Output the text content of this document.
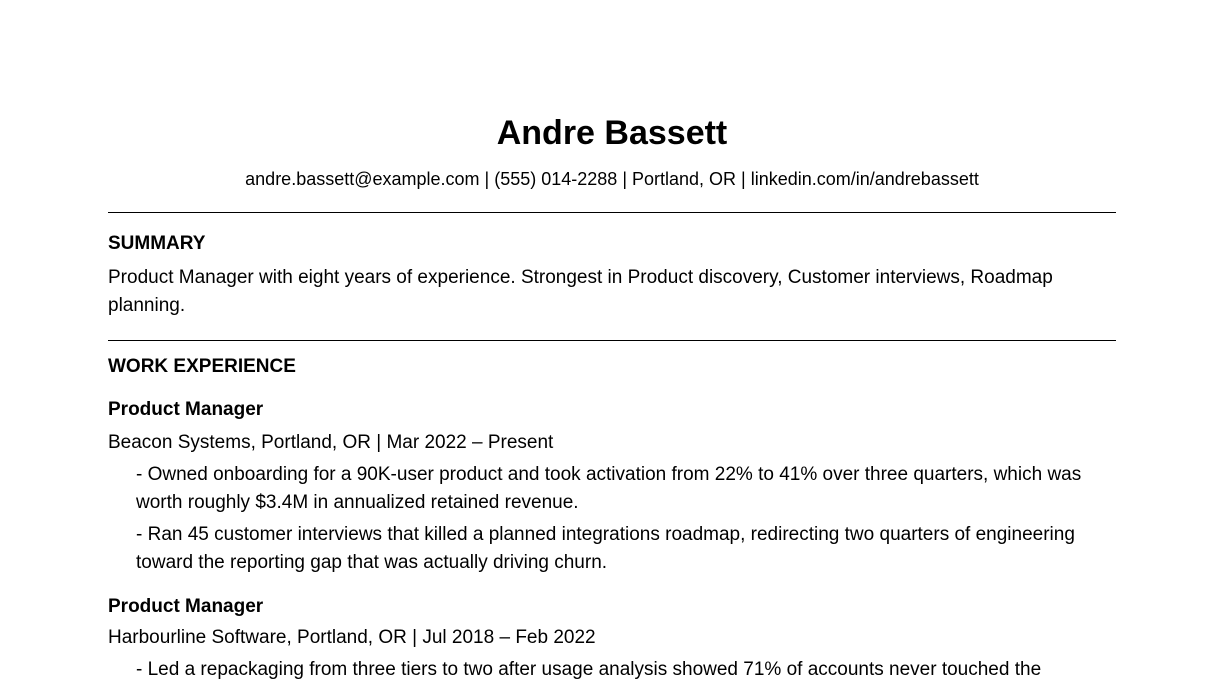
Andre Bassett
andre.bassett@example.com | (555) 014-2288 | Portland, OR | linkedin.com/in/andrebassett
SUMMARY
Product Manager with eight years of experience. Strongest in Product discovery, Customer interviews, Roadmap planning.
WORK EXPERIENCE
Product Manager
Beacon Systems, Portland, OR | Mar 2022 – Present
- Owned onboarding for a 90K-user product and took activation from 22% to 41% over three quarters, which was worth roughly $3.4M in annualized retained revenue.
- Ran 45 customer interviews that killed a planned integrations roadmap, redirecting two quarters of engineering toward the reporting gap that was actually driving churn.
Product Manager
Harbourline Software, Portland, OR | Jul 2018 – Feb 2022
- Led a repackaging from three tiers to two after usage analysis showed 71% of accounts never touched the
